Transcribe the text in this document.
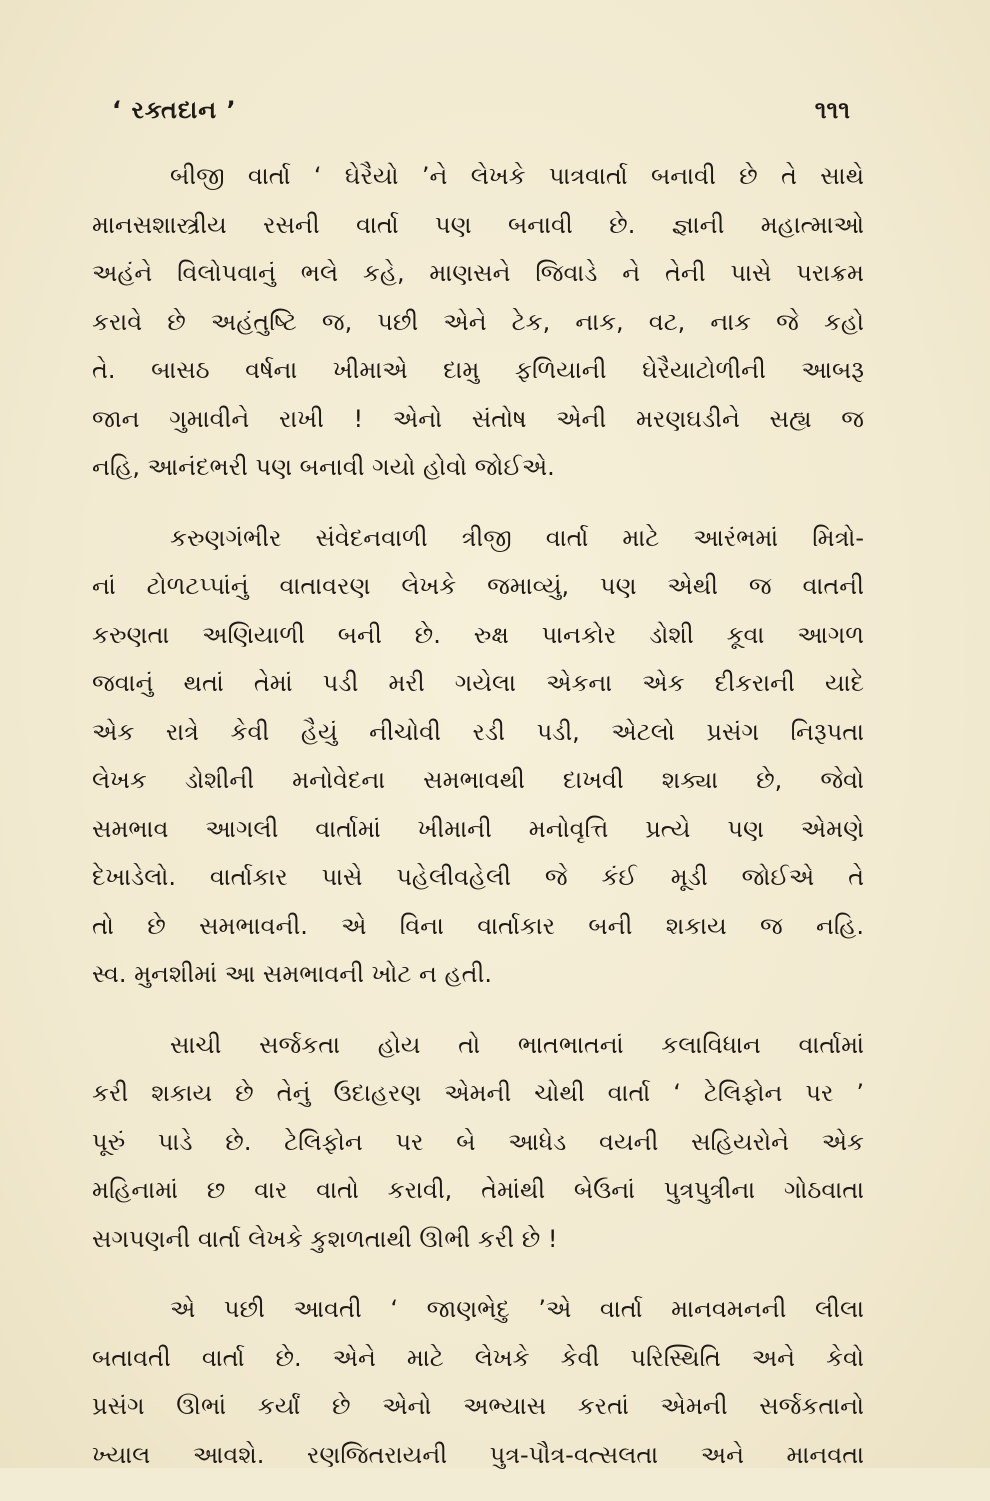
‘ રક્તદાન ’	૧૧૧

બીજી વાર્તા ‘ ઘેરૈયો ’ને લેખકે પાત્રવાર્તા બનાવી છે તે સાથે
માનસશાસ્ત્રીય રસની વાર્તા પણ બનાવી છે. જ્ઞાની મહાત્માઓ
અહંને વિલોપવાનું ભલે કહે, માણસને જિવાડે ને તેની પાસે પરાક્રમ
કરાવે છે અહંતુષ્ટિ જ, પછી એને ટેક, નાક, વટ, નાક જે કહો
તે. બાસઠ વર્ષના ખીમાએ દામુ ફળિયાની ઘેરૈયાટોળીની આબરૂ
જાન ગુમાવીને રાખી ! એનો સંતોષ એની મરણઘડીને સહ્ય જ
નહિ, આનંદભરી પણ બનાવી ગયો હોવો જોઈએ.

કરુણગંભીર સંવેદનવાળી ત્રીજી વાર્તા માટે આરંભમાં મિત્રો-
નાં ટોળટપ્પાંનું વાતાવરણ લેખકે જમાવ્યું, પણ એથી જ વાતની
કરુણતા અણિયાળી બની છે. રુક્ષ પાનકોર ડોશી કૂવા આગળ
જવાનું થતાં તેમાં પડી મરી ગયેલા એકના એક દીકરાની યાદે
એક રાત્રે કેવી હૈયું નીચોવી રડી પડી, એટલો પ્રસંગ નિરૂપતા
લેખક ડોશીની મનોવેદના સમભાવથી દાખવી શક્યા છે, જેવો
સમભાવ આગલી વાર્તામાં ખીમાની મનોવૃત્તિ પ્રત્યે પણ એમણે
દેખાડેલો. વાર્તાકાર પાસે પહેલીવહેલી જે કંઈ મૂડી જોઈએ તે
તો છે સમભાવની. એ વિના વાર્તાકાર બની શકાય જ નહિ.
સ્વ. મુનશીમાં આ સમભાવની ખોટ ન હતી.

સાચી સર્જકતા હોય તો ભાતભાતનાં કલાવિધાન વાર્તામાં
કરી શકાય છે તેનું ઉદાહરણ એમની ચોથી વાર્તા ‘ ટેલિફોન પર ’
પૂરું પાડે છે. ટેલિફોન પર બે આધેડ વયની સહિયરોને એક
મહિનામાં છ વાર વાતો કરાવી, તેમાંથી બેઉનાં પુત્રપુત્રીના ગોઠવાતા
સગપણની વાર્તા લેખકે કુશળતાથી ઊભી કરી છે !

એ પછી આવતી ‘ જાણભેદુ ’એ વાર્તા માનવમનની લીલા
બતાવતી વાર્તા છે. એને માટે લેખકે કેવી પરિસ્થિતિ અને કેવો
પ્રસંગ ઊભાં કર્યાં છે એનો અભ્યાસ કરતાં એમની સર્જકતાનો
ખ્યાલ આવશે. રણજિતરાયની પુત્ર-પૌત્ર-વત્સલતા અને માનવતા
